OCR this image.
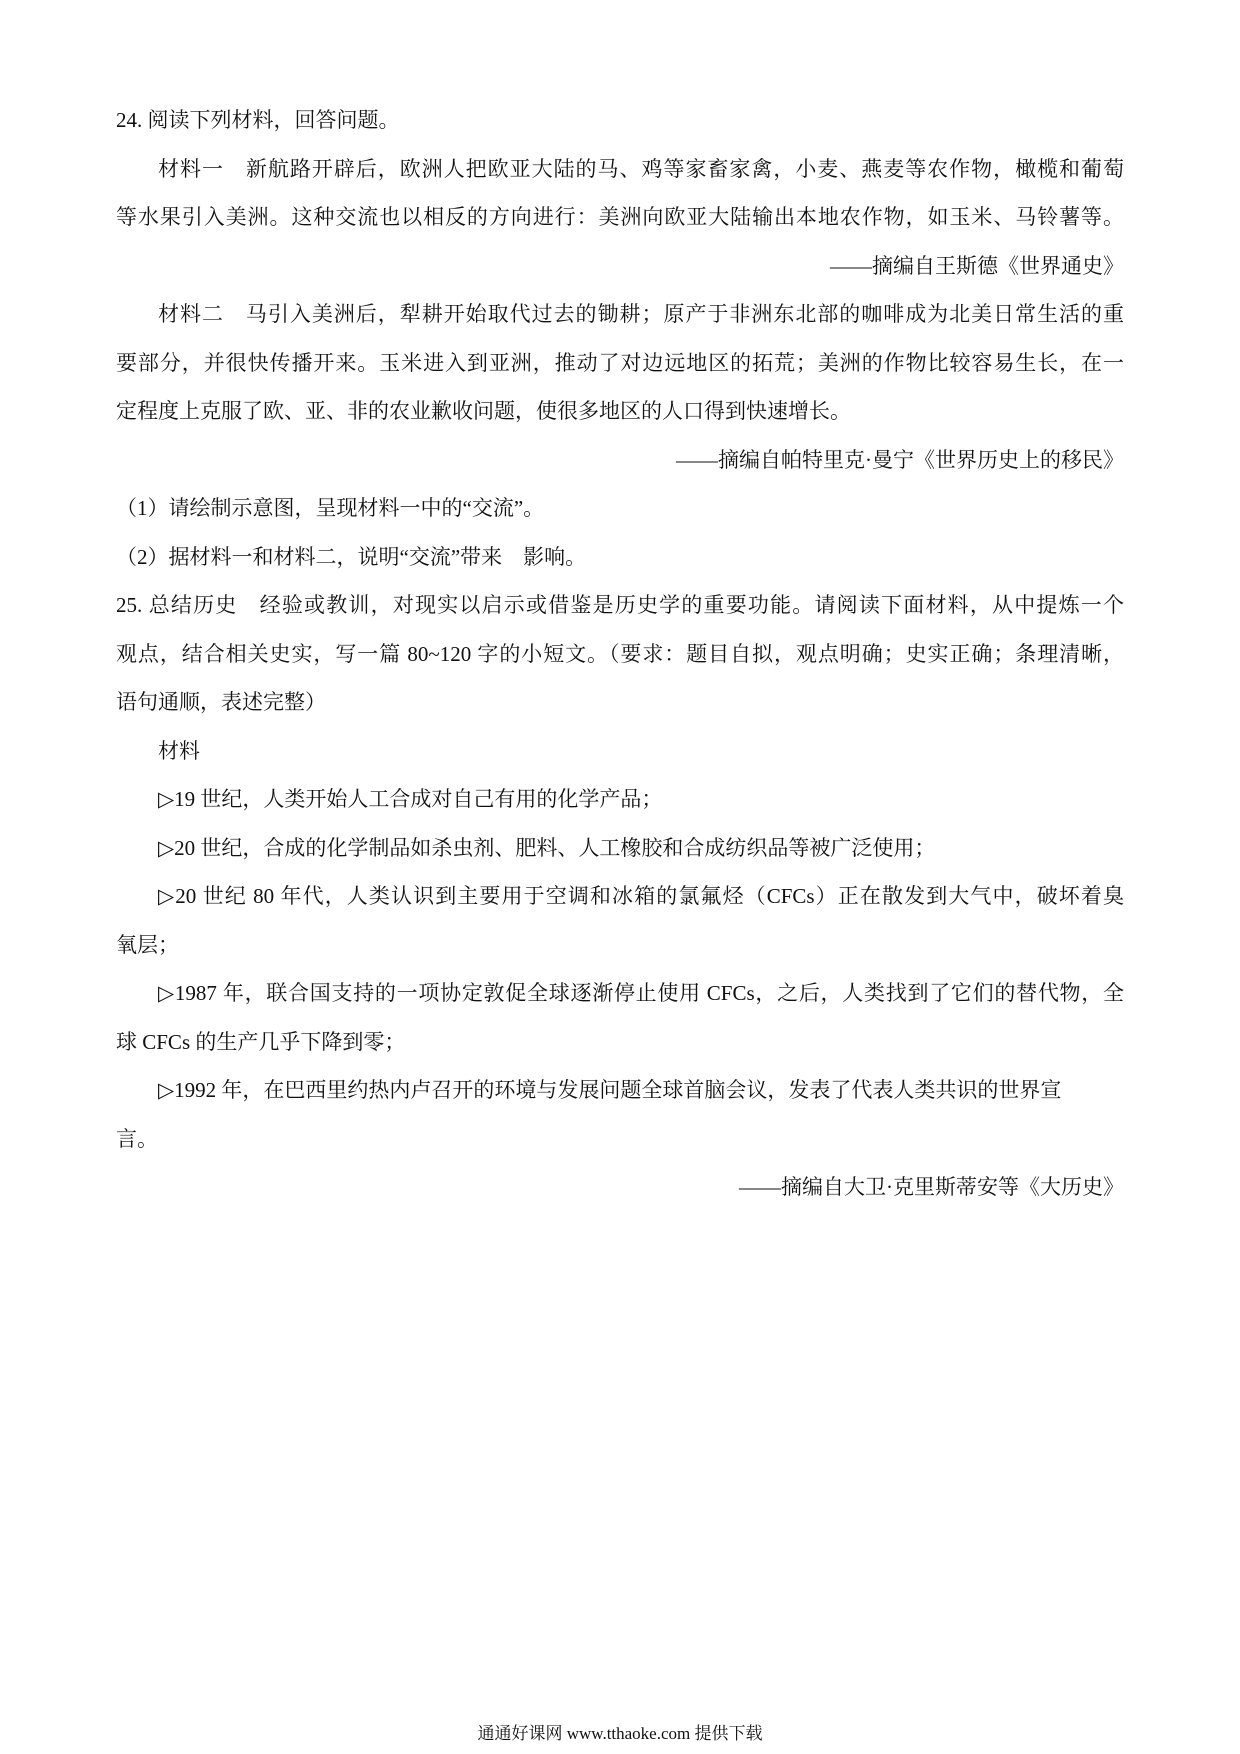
24. 阅读下列材料，回答问题。
材料一　新航路开辟后，欧洲人把欧亚大陆的马、鸡等家畜家禽，小麦、燕麦等农作物，橄榄和葡萄
等水果引入美洲。这种交流也以相反的方向进行：美洲向欧亚大陆输出本地农作物，如玉米、马铃薯等。
——摘编自王斯德《世界通史》
材料二　马引入美洲后，犁耕开始取代过去的锄耕；原产于非洲东北部的咖啡成为北美日常生活的重
要部分，并很快传播开来。玉米进入到亚洲，推动了对边远地区的拓荒；美洲的作物比较容易生长，在一
定程度上克服了欧、亚、非的农业歉收问题，使很多地区的人口得到快速增长。
——摘编自帕特里克·曼宁《世界历史上的移民》
（1）请绘制示意图，呈现材料一中的“交流”。
（2）据材料一和材料二，说明“交流”带来　影响。
25. 总结历史　经验或教训，对现实以启示或借鉴是历史学的重要功能。请阅读下面材料，从中提炼一个
观点，结合相关史实，写一篇 80~120 字的小短文。（要求：题目自拟，观点明确；史实正确；条理清晰，
语句通顺，表述完整）
材料
▷19 世纪，人类开始人工合成对自己有用的化学产品；
▷20 世纪，合成的化学制品如杀虫剂、肥料、人工橡胶和合成纺织品等被广泛使用；
▷20 世纪 80 年代，人类认识到主要用于空调和冰箱的氯氟烃（CFCs）正在散发到大气中，破坏着臭
氧层；
▷1987 年，联合国支持的一项协定敦促全球逐渐停止使用 CFCs，之后，人类找到了它们的替代物，全
球 CFCs 的生产几乎下降到零；
▷1992 年，在巴西里约热内卢召开的环境与发展问题全球首脑会议，发表了代表人类共识的世界宣
言。
——摘编自大卫·克里斯蒂安等《大历史》
通通好课网 www.tthaoke.com 提供下载
